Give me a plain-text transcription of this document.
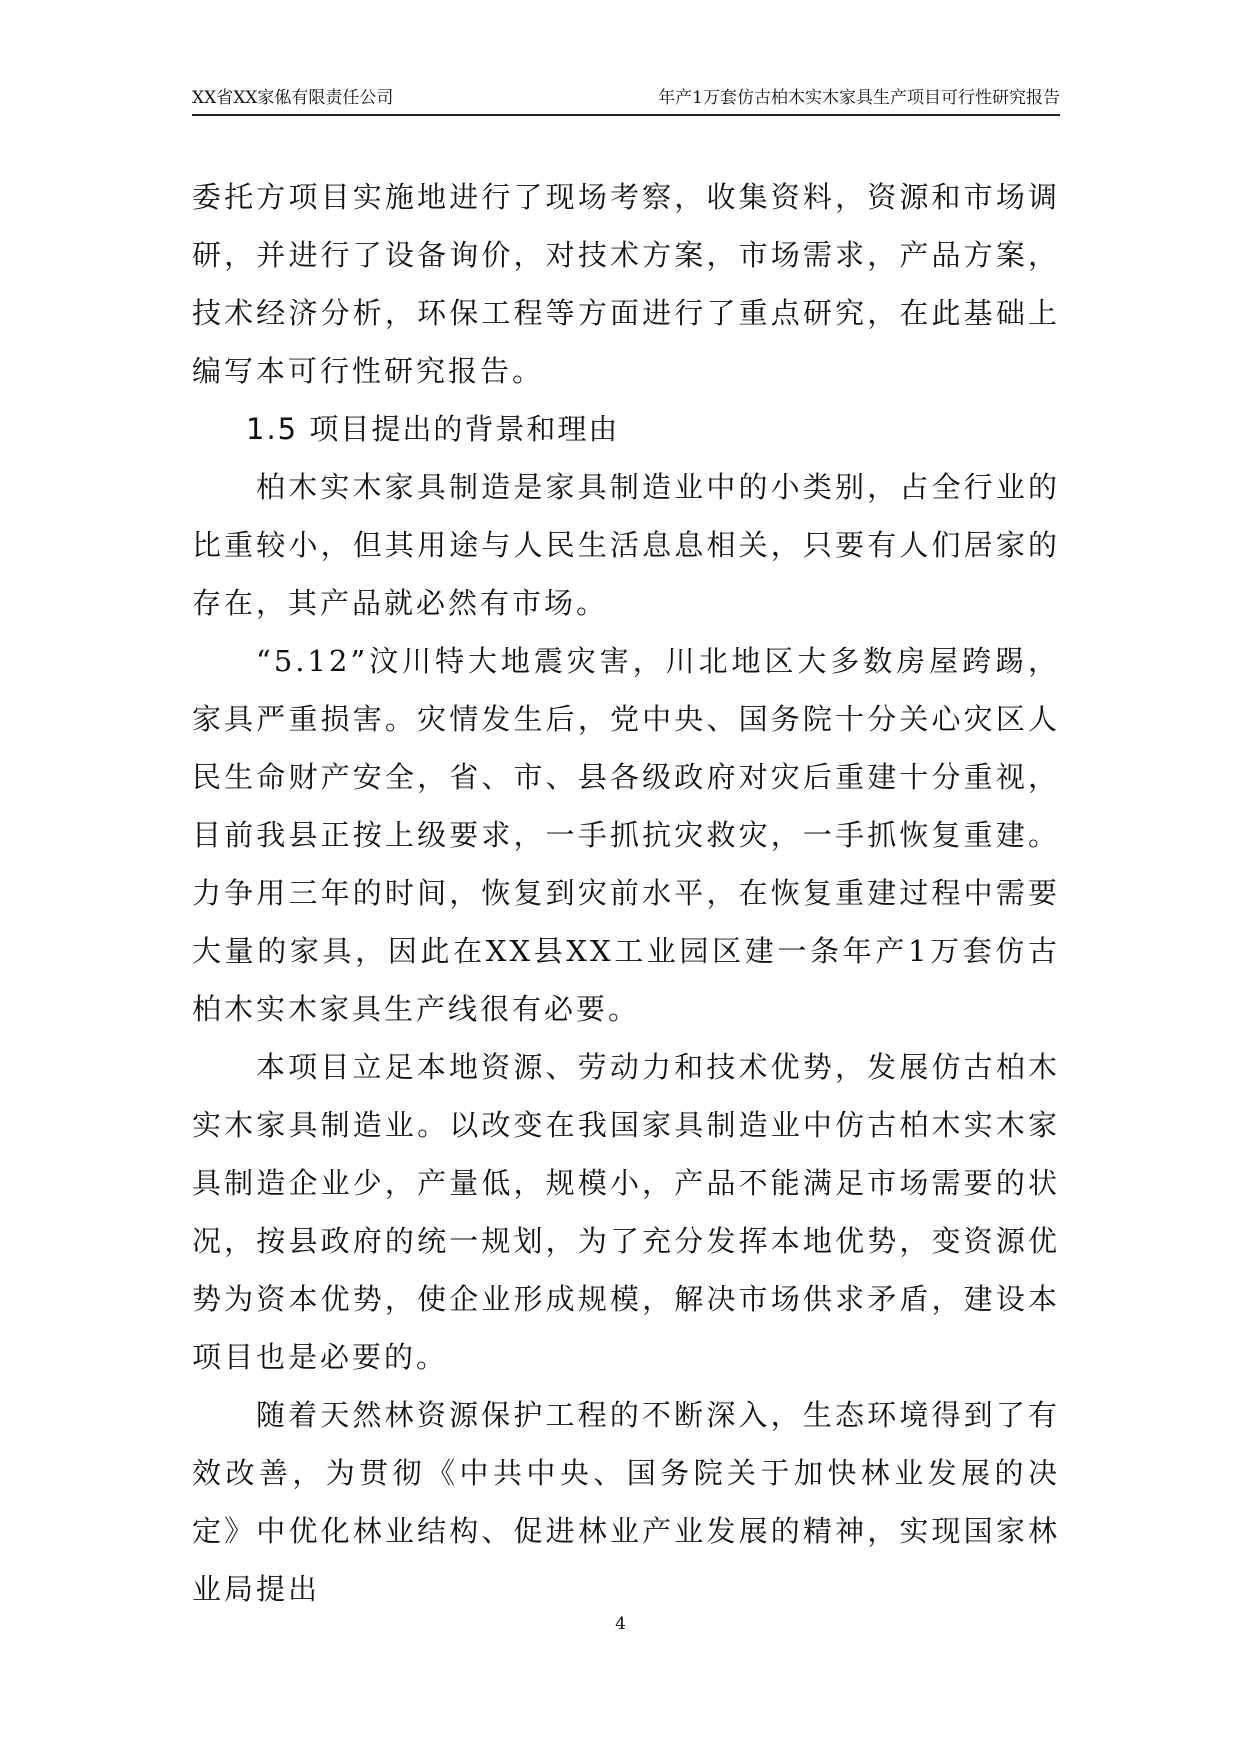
XX省XX家俬有限责任公司	年产1万套仿古柏木实木家具生产项目可行性研究报告

委托方项目实施地进行了现场考察，收集资料，资源和市场调研，并进行了设备询价，对技术方案，市场需求，产品方案，技术经济分析，环保工程等方面进行了重点研究，在此基础上编写本可行性研究报告。

1.5 项目提出的背景和理由

柏木实木家具制造是家具制造业中的小类别，占全行业的比重较小，但其用途与人民生活息息相关，只要有人们居家的存在，其产品就必然有市场。

“5.12”汶川特大地震灾害，川北地区大多数房屋跨踢，家具严重损害。灾情发生后，党中央、国务院十分关心灾区人民生命财产安全，省、市、县各级政府对灾后重建十分重视，目前我县正按上级要求，一手抓抗灾救灾，一手抓恢复重建。力争用三年的时间，恢复到灾前水平，在恢复重建过程中需要大量的家具，因此在XX县XX工业园区建一条年产1万套仿古柏木实木家具生产线很有必要。

本项目立足本地资源、劳动力和技术优势，发展仿古柏木实木家具制造业。以改变在我国家具制造业中仿古柏木实木家具制造企业少，产量低，规模小，产品不能满足市场需要的状况，按县政府的统一规划，为了充分发挥本地优势，变资源优势为资本优势，使企业形成规模，解决市场供求矛盾，建设本项目也是必要的。

随着天然林资源保护工程的不断深入，生态环境得到了有效改善，为贯彻《中共中央、国务院关于加快林业发展的决定》中优化林业结构、促进林业产业发展的精神，实现国家林业局提出

4
